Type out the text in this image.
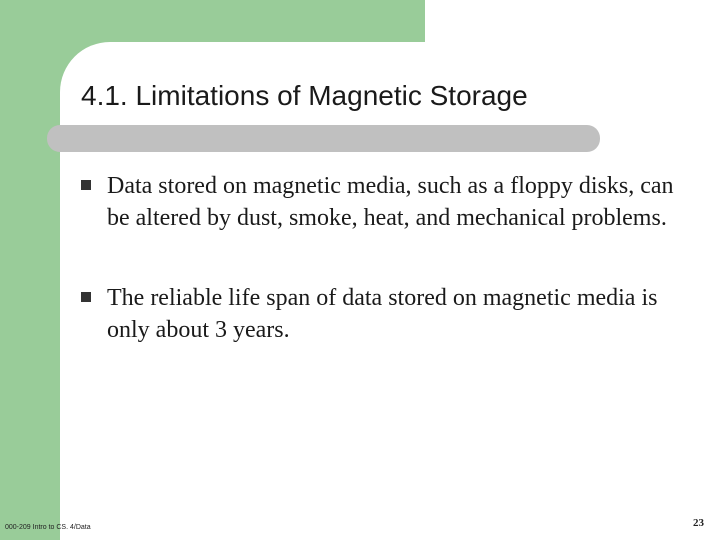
4.1. Limitations of Magnetic Storage
Data stored on magnetic media, such as a floppy disks, can be altered by dust, smoke, heat, and mechanical problems.
The reliable life span of data stored on magnetic media is only about 3 years.
000-209 Intro to CS. 4/Data	23
